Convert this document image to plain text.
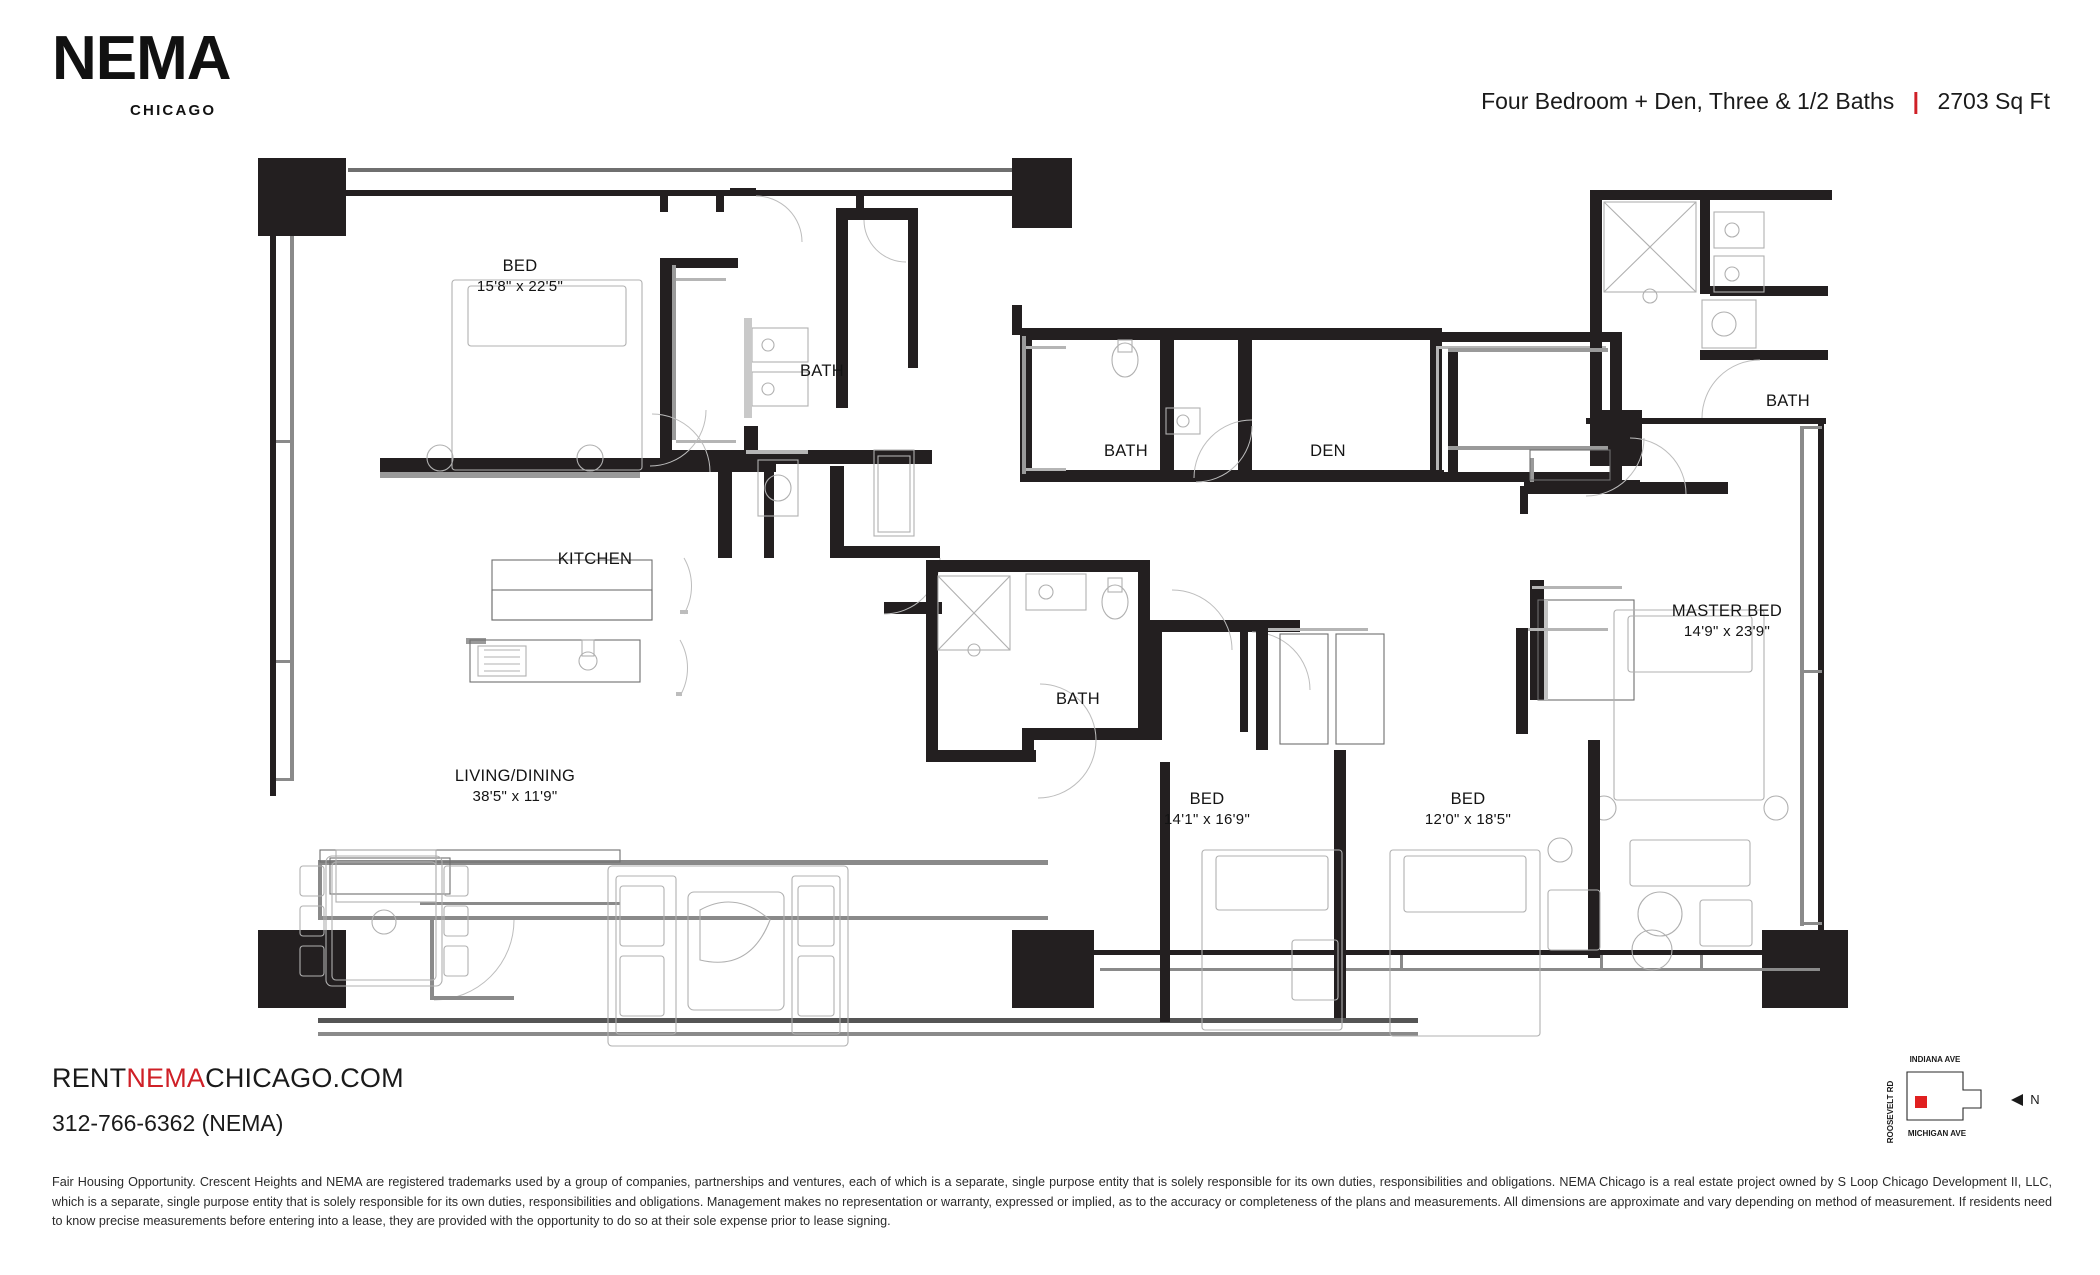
NEMA
CHICAGO	Four Bedroom + Den, Three & 1/2 Baths | 2703 Sq Ft
BED
15'8" x 22'5"
BATH
BATH	DEN
BATH
KITCHEN
MASTER BED
14'9" x 23'9"
BATH
LIVING/DINING
38'5" x 11'9"	BED
14'1" x 16'9"
BED
12'0" x 18'5"
RENTNEMACHICAGO.COM
312-766-6362 (NEMA)
Fair Housing Opportunity. Crescent Heights and NEMA are registered trademarks used by a group of companies, partnerships and ventures, each of which is a separate, single purpose entity that is solely responsible for its own duties, responsibilities and obligations. NEMA Chicago is a real estate project owned by S Loop Chicago Development II, LLC, which is a separate, single purpose entity that is solely responsible for its own duties, responsibilities and obligations. Management makes no representation or warranty, expressed or implied, as to the accuracy or completeness of the plans and measurements. All dimensions are approximate and vary depending on method of measurement. If residents need to know precise measurements before entering into a lease, they are provided with the opportunity to do so at their sole expense prior to lease signing.
INDIANA AVE
MICHIGAN AVE
ROOSEVELT RD	N
